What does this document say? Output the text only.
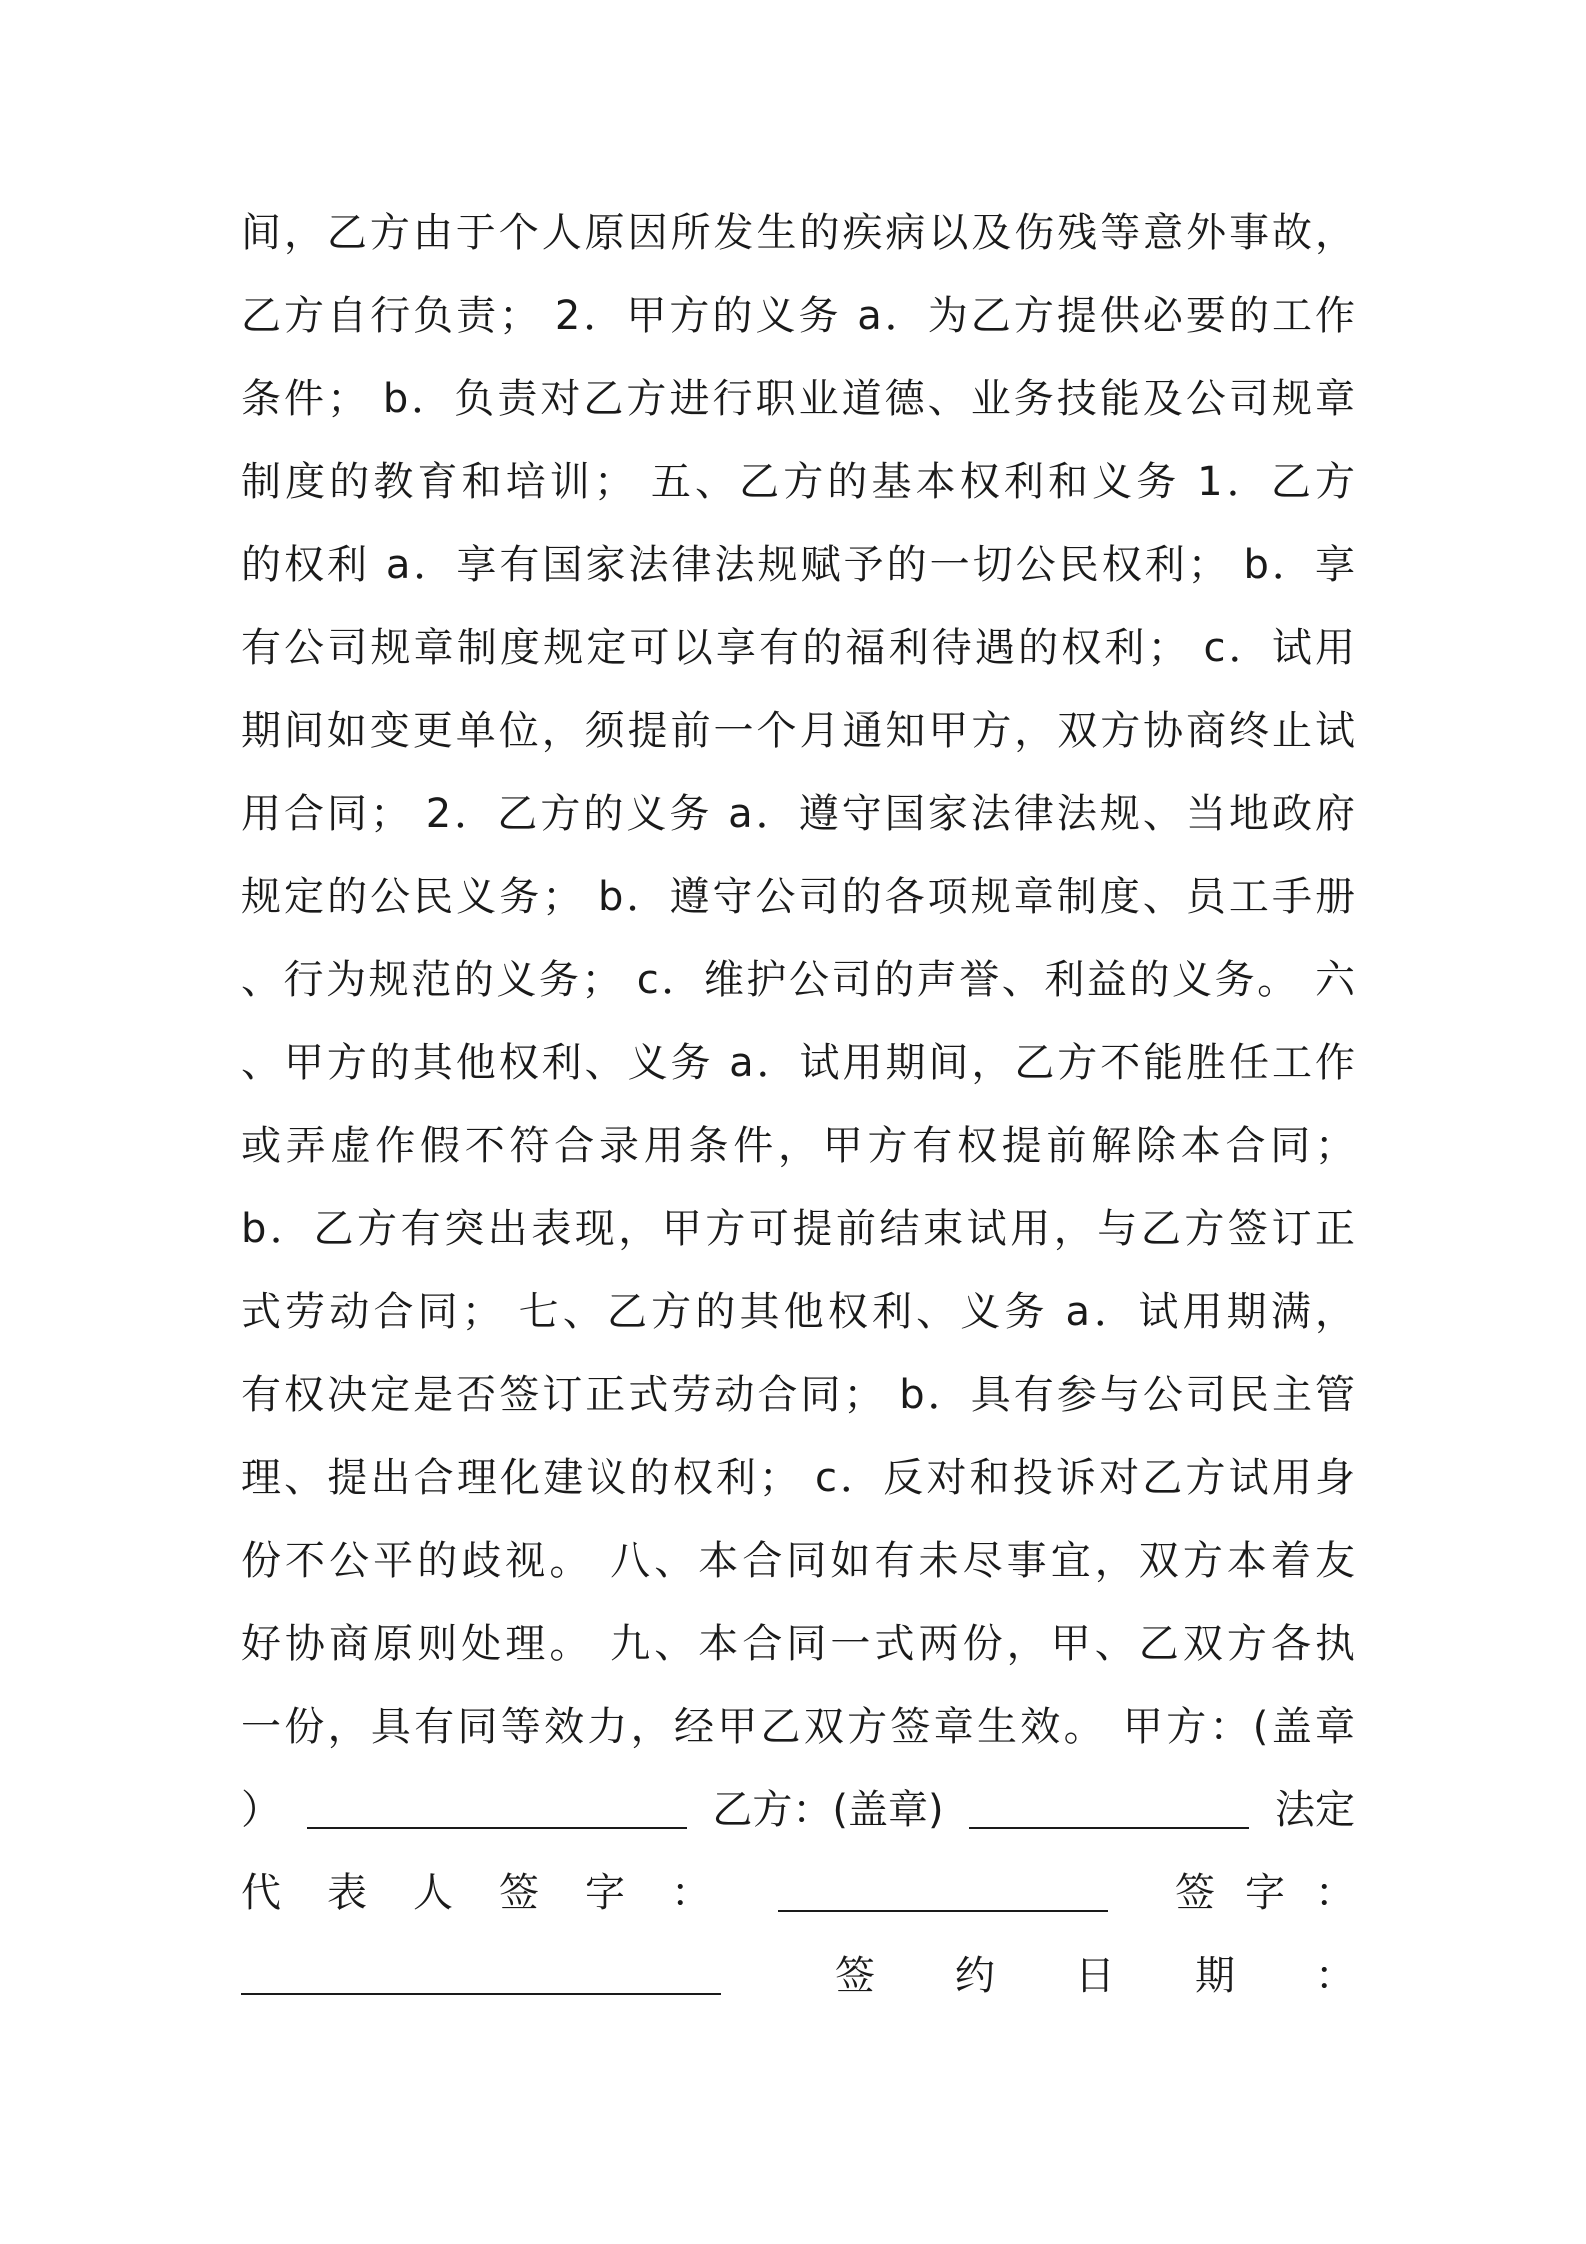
间，乙方由于个人原因所发生的疾病以及伤残等意外事故，
乙方自行负责； 2．甲方的义务 a．为乙方提供必要的工作
条件； b．负责对乙方进行职业道德、业务技能及公司规章
制度的教育和培训； 五、乙方的基本权利和义务 1．乙方
的权利 a．享有国家法律法规赋予的一切公民权利； b．享
有公司规章制度规定可以享有的福利待遇的权利； c．试用
期间如变更单位，须提前一个月通知甲方，双方协商终止试
用合同； 2．乙方的义务 a．遵守国家法律法规、当地政府
规定的公民义务； b．遵守公司的各项规章制度、员工手册
、行为规范的义务； c．维护公司的声誉、利益的义务。 六
、甲方的其他权利、义务 a．试用期间，乙方不能胜任工作
或弄虚作假不符合录用条件，甲方有权提前解除本合同；
b．乙方有突出表现，甲方可提前结束试用，与乙方签订正
式劳动合同； 七、乙方的其他权利、义务 a．试用期满，
有权决定是否签订正式劳动合同； b．具有参与公司民主管
理、提出合理化建议的权利； c．反对和投诉对乙方试用身
份不公平的歧视。 八、本合同如有未尽事宜，双方本着友
好协商原则处理。 九、本合同一式两份，甲、乙双方各执
一份，具有同等效力，经甲乙双方签章生效。 甲方：(盖章
）	乙方：(盖章)	法定
代 表 人 签 字 ：	签 字 ：
签 约 日 期 ：
